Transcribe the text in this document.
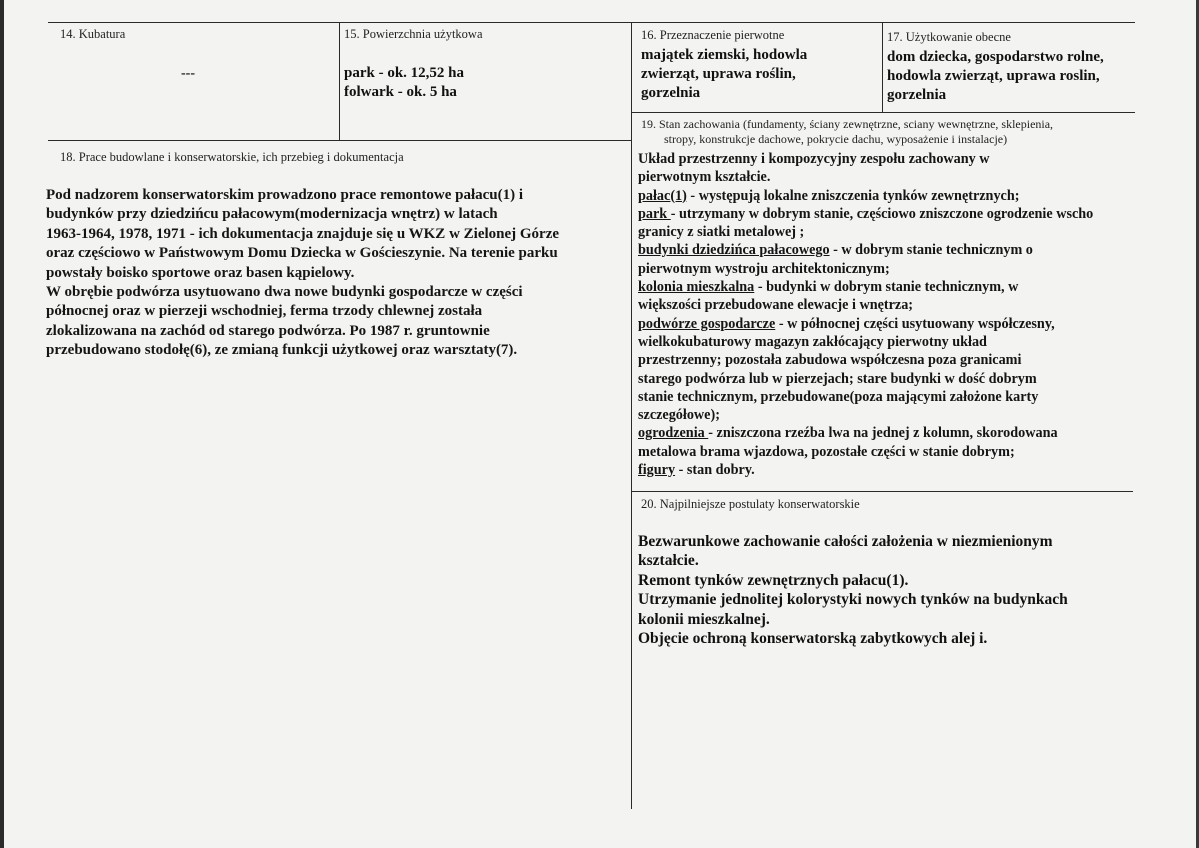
14. Kubatura
---
15. Powierzchnia użytkowa
park - ok. 12,52 ha
folwark - ok. 5 ha
16. Przeznaczenie pierwotne
majątek ziemski, hodowla
zwierząt, uprawa roślin,
gorzelnia
17. Użytkowanie obecne
dom dziecka, gospodarstwo rolne,
hodowla zwierząt, uprawa roslin,
gorzelnia
18. Prace budowlane i konserwatorskie, ich przebieg i dokumentacja

Pod nadzorem konserwatorskim prowadzono prace remontowe pałacu(1) i

budynków przy dziedzińcu pałacowym(modernizacja wnętrz) w latach

1963-1964, 1978, 1971 - ich dokumentacja znajduje się u WKZ w Zielonej Górze

oraz częściowo w Państwowym Domu Dziecka w Gościeszynie. Na terenie parku

powstały boisko sportowe oraz basen kąpielowy.

W obrębie podwórza usytuowano dwa nowe budynki gospodarcze w części

północnej oraz w pierzeji wschodniej, ferma trzody chlewnej została

zlokalizowana na zachód od starego podwórza. Po 1987 r. gruntownie

przebudowano stodołę(6), ze zmianą funkcji użytkowej oraz warsztaty(7).

19. Stan zachowania (fundamenty, ściany zewnętrzne, sciany wewnętrzne, sklepienia,
stropy, konstrukcje dachowe, pokrycie dachu, wyposażenie i instalacje)
Układ przestrzenny i kompozycyjny zespołu zachowany w
pierwotnym kształcie.
pałac(1) - występują lokalne zniszczenia tynków zewnętrznych;
park - utrzymany w dobrym stanie, częściowo zniszczone ogrodzenie wscho
granicy z siatki metalowej ;
budynki dziedzińca pałacowego - w dobrym stanie technicznym o
pierwotnym wystroju architektonicznym;
kolonia mieszkalna - budynki w dobrym stanie technicznym, w
większości przebudowane elewacje i wnętrza;
podwórze gospodarcze - w północnej części usytuowany współczesny,
wielkokubaturowy magazyn zakłócający pierwotny układ
przestrzenny; pozostała zabudowa współczesna poza granicami
starego podwórza lub w pierzejach; stare budynki w dość dobrym
stanie technicznym, przebudowane(poza mającymi założone karty
szczegółowe);
ogrodzenia - zniszczona rzeźba lwa na jednej z kolumn, skorodowana
metalowa brama wjazdowa, pozostałe części w stanie dobrym;
figury - stan dobry.
20. Najpilniejsze postulaty konserwatorskie
Bezwarunkowe zachowanie całości założenia w niezmienionym
kształcie.
Remont tynków zewnętrznych pałacu(1).
Utrzymanie jednolitej kolorystyki nowych tynków na budynkach
kolonii mieszkalnej.
Objęcie ochroną konserwatorską zabytkowych alej i.
